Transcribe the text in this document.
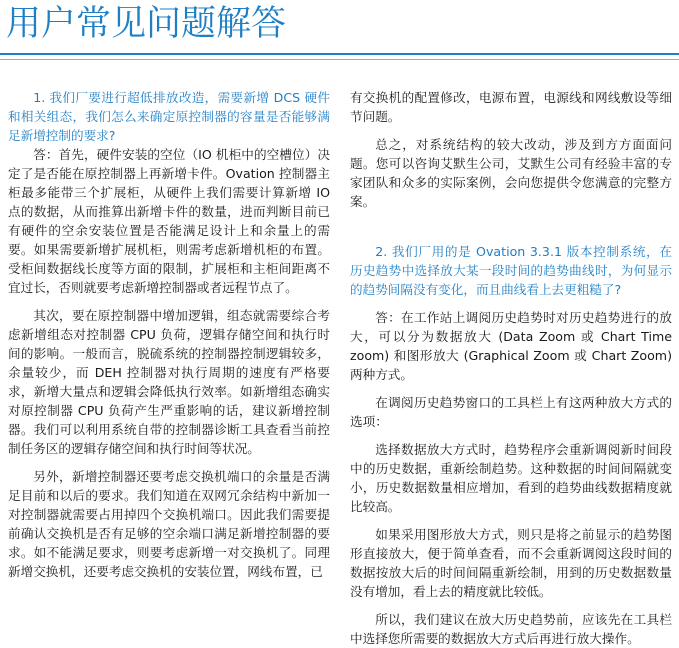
用户常见问题解答

1. 我们厂要进行超低排放改造，需要新增 DCS 硬件和相关组态，我们怎么来确定原控制器的容量是否能够满足新增控制的要求?

答：首先，硬件安装的空位（IO 机柜中的空槽位）决定了是否能在原控制器上再新增卡件。Ovation 控制器主柜最多能带三个扩展柜，从硬件上我们需要计算新增 IO 点的数据，从而推算出新增卡件的数量，进而判断目前已有硬件的空余安装位置是否能满足设计上和余量上的需要。如果需要新增扩展机柜，则需考虑新增机柜的布置。受柜间数据线长度等方面的限制，扩展柜和主柜间距离不宜过长，否则就要考虑新增控制器或者远程节点了。

其次，要在原控制器中增加逻辑，组态就需要综合考虑新增组态对控制器 CPU 负荷，逻辑存储空间和执行时间的影响。一般而言，脱硫系统的控制器控制逻辑较多，余量较少，而 DEH 控制器对执行周期的速度有严格要求，新增大量点和逻辑会降低执行效率。如新增组态确实对原控制器 CPU 负荷产生严重影响的话，建议新增控制器。我们可以利用系统自带的控制器诊断工具查看当前控制任务区的逻辑存储空间和执行时间等状况。

另外，新增控制器还要考虑交换机端口的余量是否满足目前和以后的要求。我们知道在双网冗余结构中新加一对控制器就需要占用掉四个交换机端口。因此我们需要提前确认交换机是否有足够的空余端口满足新增控制器的要求。如不能满足要求，则要考虑新增一对交换机了。同理新增交换机，还要考虑交换机的安装位置，网线布置，已

有交换机的配置修改，电源布置，电源线和网线敷设等细节问题。

总之，对系统结构的较大改动，涉及到方方面面问题。您可以咨询艾默生公司，艾默生公司有经验丰富的专家团队和众多的实际案例，会向您提供令您满意的完整方案。

2. 我们厂用的是 Ovation 3.3.1 版本控制系统，在历史趋势中选择放大某一段时间的趋势曲线时，为何显示的趋势间隔没有变化，而且曲线看上去更粗糙了?

答：在工作站上调阅历史趋势时对历史趋势进行的放大，可以分为数据放大 (Data Zoom 或 Chart Time zoom) 和图形放大 (Graphical Zoom 或 Chart Zoom) 两种方式。

在调阅历史趋势窗口的工具栏上有这两种放大方式的选项：

选择数据放大方式时，趋势程序会重新调阅新时间段中的历史数据，重新绘制趋势。这种数据的时间间隔就变小，历史数据数量相应增加，看到的趋势曲线数据精度就比较高。

如果采用图形放大方式，则只是将之前显示的趋势图形直接放大，便于简单查看，而不会重新调阅这段时间的数据按放大后的时间间隔重新绘制，用到的历史数据数量没有增加，看上去的精度就比较低。

所以，我们建议在放大历史趋势前，应该先在工具栏中选择您所需要的数据放大方式后再进行放大操作。
